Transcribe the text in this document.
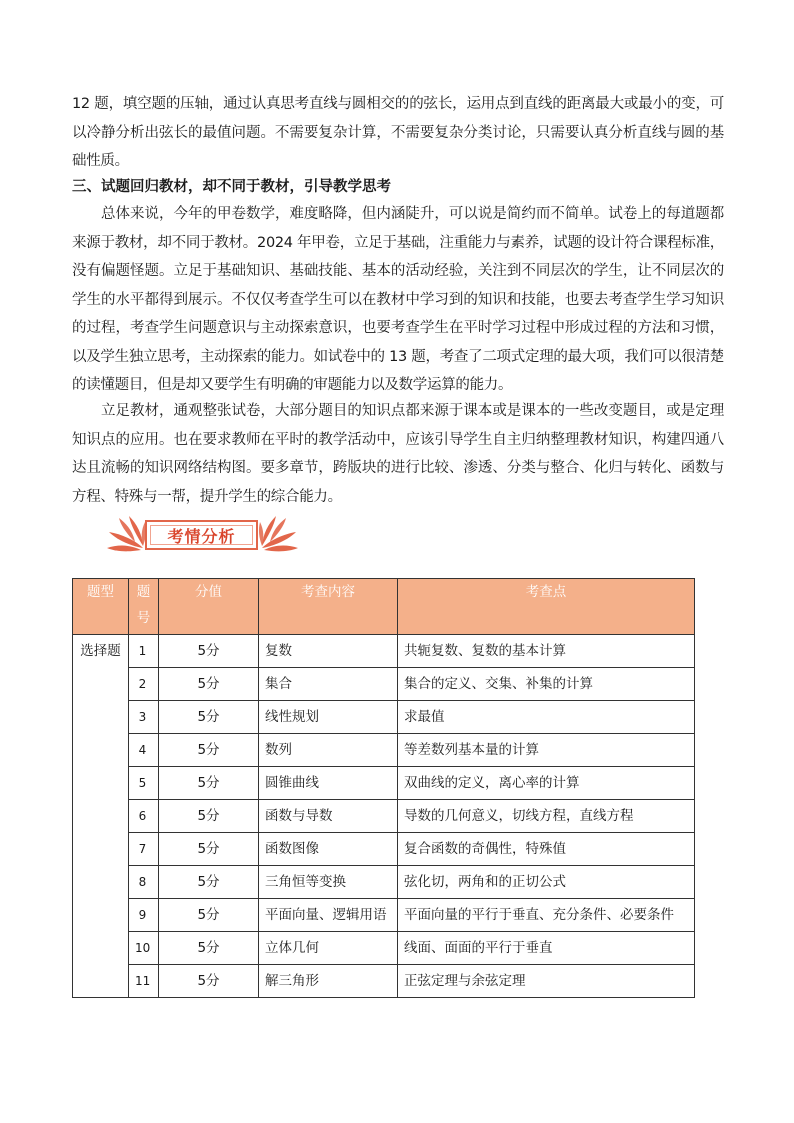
12 题，填空题的压轴，通过认真思考直线与圆相交的的弦长，运用点到直线的距离最大或最小的变，可以冷静分析出弦长的最值问题。不需要复杂计算，不需要复杂分类讨论，只需要认真分析直线与圆的基础性质。

三、试题回归教材，却不同于教材，引导教学思考

总体来说，今年的甲卷数学，难度略降，但内涵陡升，可以说是简约而不简单。试卷上的每道题都来源于教材，却不同于教材。2024 年甲卷，立足于基础，注重能力与素养，试题的设计符合课程标准，没有偏题怪题。立足于基础知识、基础技能、基本的活动经验，关注到不同层次的学生，让不同层次的学生的水平都得到展示。不仅仅考查学生可以在教材中学习到的知识和技能，也要去考查学生学习知识的过程，考查学生问题意识与主动探索意识，也要考查学生在平时学习过程中形成过程的方法和习惯，以及学生独立思考，主动探索的能力。如试卷中的 13 题，考查了二项式定理的最大项，我们可以很清楚的读懂题目，但是却又要学生有明确的审题能力以及数学运算的能力。

立足教材，通观整张试卷，大部分题目的知识点都来源于课本或是课本的一些改变题目，或是定理知识点的应用。也在要求教师在平时的教学活动中，应该引导学生自主归纳整理教材知识，构建四通八达且流畅的知识网络结构图。要多章节，跨版块的进行比较、渗透、分类与整合、化归与转化、函数与方程、特殊与一帮，提升学生的综合能力。

考情分析
题型	题号	分值	考查内容	考查点
选择题	1	5分	复数	共轭复数、复数的基本计算
	2	5分	集合	集合的定义、交集、补集的计算
	3	5分	线性规划	求最值
	4	5分	数列	等差数列基本量的计算
	5	5分	圆锥曲线	双曲线的定义，离心率的计算
	6	5分	函数与导数	导数的几何意义，切线方程，直线方程
	7	5分	函数图像	复合函数的奇偶性，特殊值
	8	5分	三角恒等变换	弦化切，两角和的正切公式
	9	5分	平面向量、逻辑用语	平面向量的平行于垂直、充分条件、必要条件
	10	5分	立体几何	线面、面面的平行于垂直
	11	5分	解三角形	正弦定理与余弦定理
